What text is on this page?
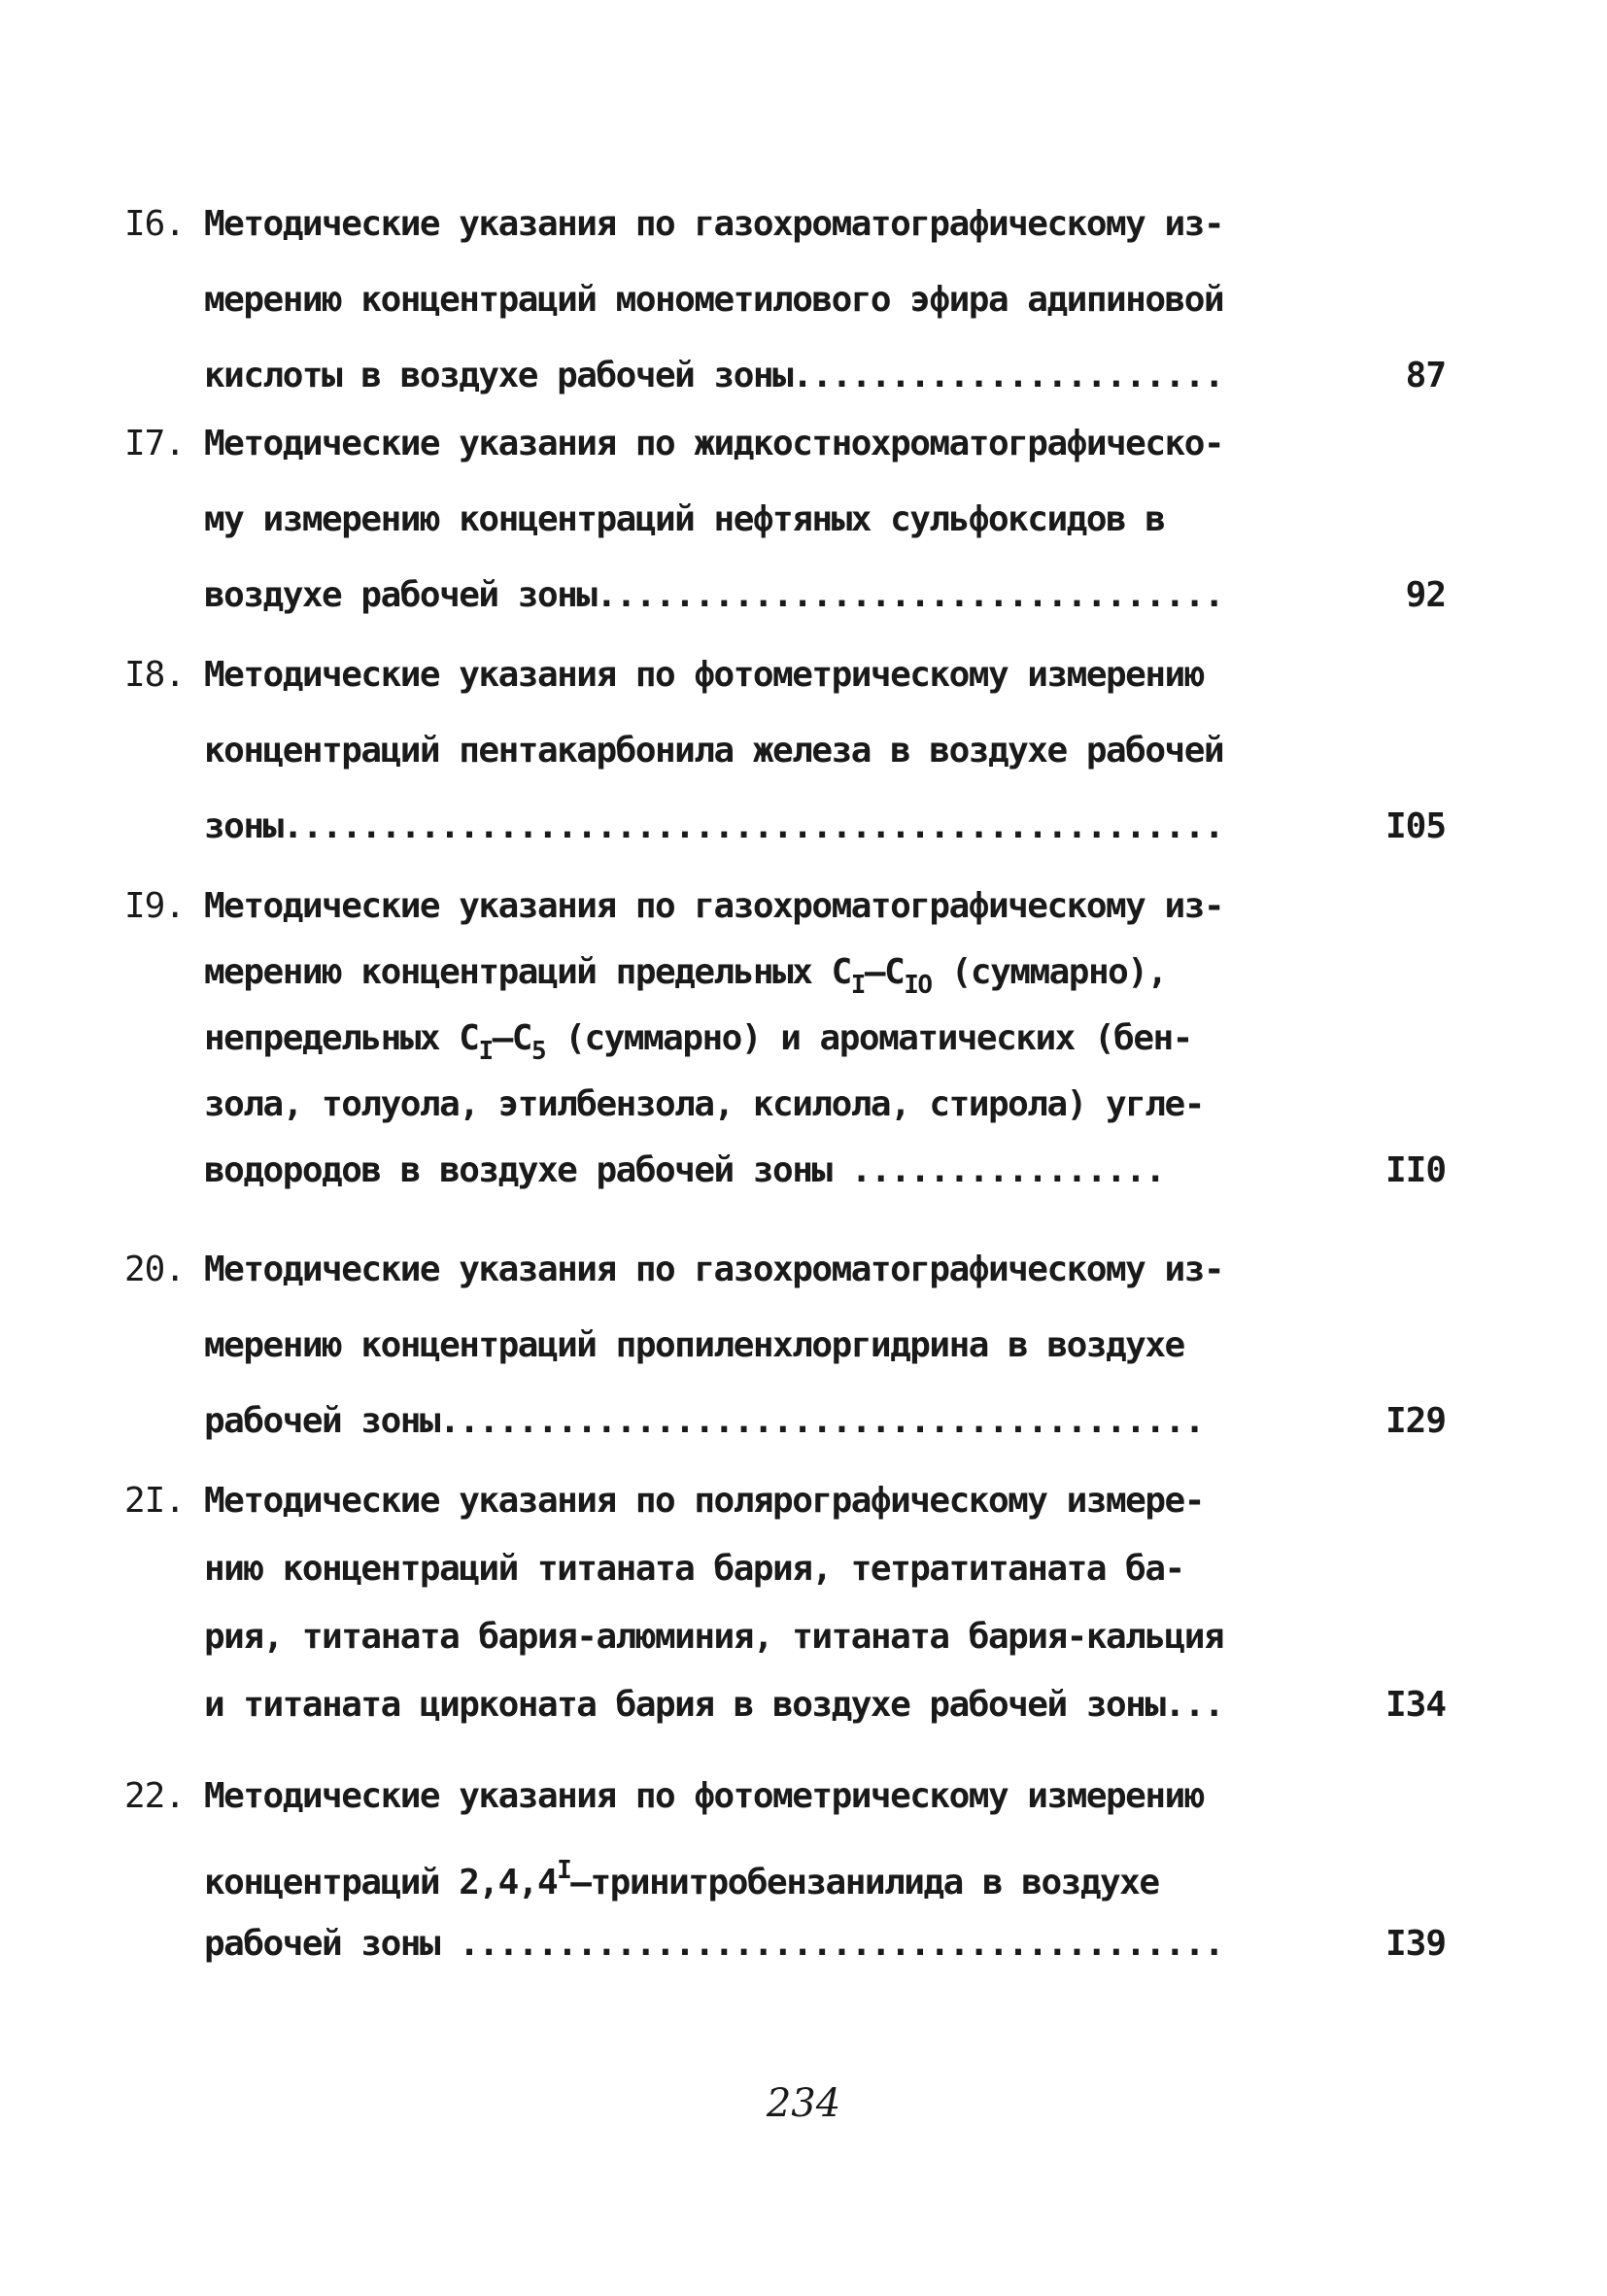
I6. Методические указания по газохроматографическому из-
мерению концентраций монометилового эфира адипиновой
кислоты в воздухе рабочей зоны......................	87
I7. Методические указания по жидкостнохроматографическо-
му измерению концентраций нефтяных сульфоксидов в
воздухе рабочей зоны................................	92
I8. Методические указания по фотометрическому измерению
концентраций пентакарбонила железа в воздухе рабочей
зоны................................................	I05
I9. Методические указания по газохроматографическому из-
мерению концентраций предельных $C_I-C_{IO}$ (суммарно),
непредельных $C_I-C_5$ (суммарно) и ароматических (бен-
зола, толуола, этилбензола, ксилола, стирола) угле-
водородов в воздухе рабочей зоны ................	II0
20. Методические указания по газохроматографическому из-
мерению концентраций пропиленхлоргидрина в воздухе
рабочей зоны.......................................	I29
2I. Методические указания по полярографическому измере-
нию концентраций титаната бария, тетратитаната ба-
рия, титаната бария-алюминия, титаната бария-кальция
и титаната цирконата бария в воздухе рабочей зоны...	I34
22. Методические указания по фотометрическому измерению
концентраций $2,4,4^I$–тринитробензанилида в воздухе
рабочей зоны .......................................	I39
234
